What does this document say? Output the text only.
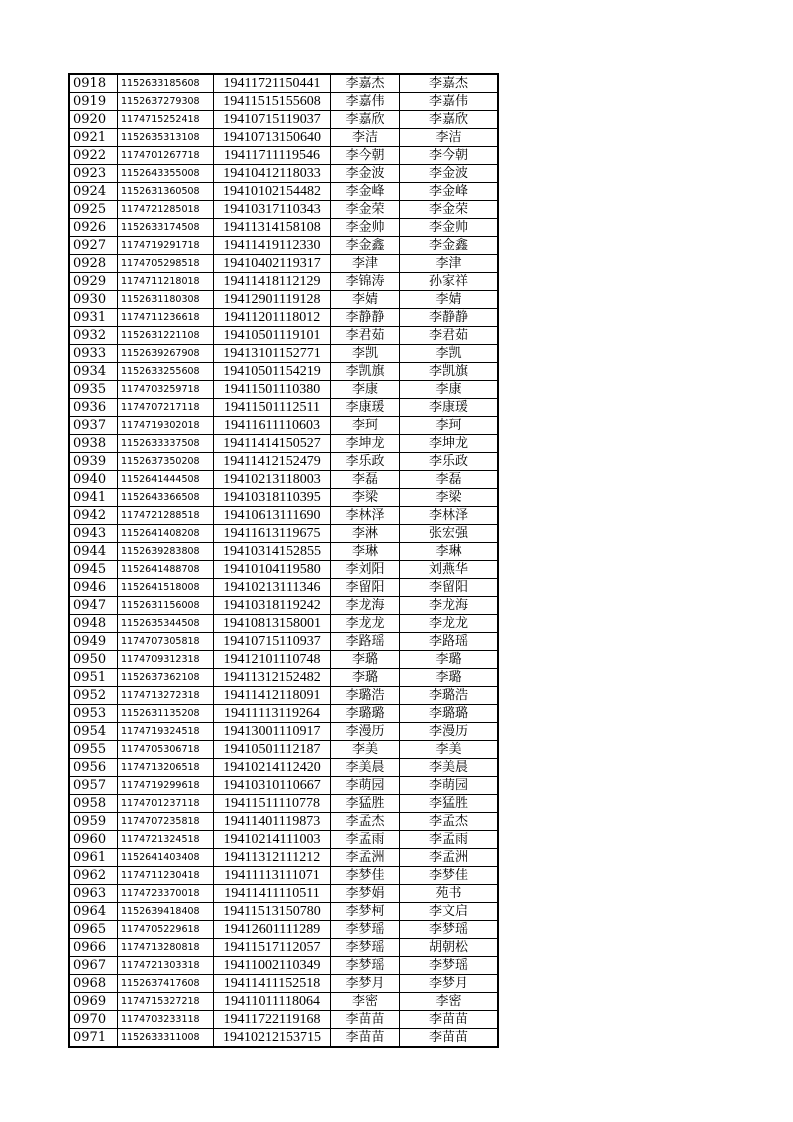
0918	1152633185608	19411721150441	李嘉杰	李嘉杰
0919	1152637279308	19411515155608	李嘉伟	李嘉伟
0920	1174715252418	19410715119037	李嘉欣	李嘉欣
0921	1152635313108	19410713150640	李洁	李洁
0922	1174701267718	19411711119546	李今朝	李今朝
0923	1152643355008	19410412118033	李金波	李金波
0924	1152631360508	19410102154482	李金峰	李金峰
0925	1174721285018	19410317110343	李金荣	李金荣
0926	1152633174508	19411314158108	李金帅	李金帅
0927	1174719291718	19411419112330	李金鑫	李金鑫
0928	1174705298518	19410402119317	李津	李津
0929	1174711218018	19411418112129	李锦涛	孙家祥
0930	1152631180308	19412901119128	李婧	李婧
0931	1174711236618	19411201118012	李静静	李静静
0932	1152631221108	19410501119101	李君茹	李君茹
0933	1152639267908	19413101152771	李凯	李凯
0934	1152633255608	19410501154219	李凯旗	李凯旗
0935	1174703259718	19411501110380	李康	李康
0936	1174707217118	19411501112511	李康瑗	李康瑗
0937	1174719302018	19411611110603	李珂	李珂
0938	1152633337508	19411414150527	李坤龙	李坤龙
0939	1152637350208	19411412152479	李乐政	李乐政
0940	1152641444508	19410213118003	李磊	李磊
0941	1152643366508	19410318110395	李梁	李梁
0942	1174721288518	19410613111690	李林泽	李林泽
0943	1152641408208	19411613119675	李淋	张宏强
0944	1152639283808	19410314152855	李琳	李琳
0945	1152641488708	19410104119580	李刘阳	刘燕华
0946	1152641518008	19410213111346	李留阳	李留阳
0947	1152631156008	19410318119242	李龙海	李龙海
0948	1152635344508	19410813158001	李龙龙	李龙龙
0949	1174707305818	19410715110937	李路瑶	李路瑶
0950	1174709312318	19412101110748	李璐	李璐
0951	1152637362108	19411312152482	李璐	李璐
0952	1174713272318	19411412118091	李璐浩	李璐浩
0953	1152631135208	19411113119264	李璐璐	李璐璐
0954	1174719324518	19413001110917	李漫历	李漫历
0955	1174705306718	19410501112187	李美	李美
0956	1174713206518	19410214112420	李美晨	李美晨
0957	1174719299618	19410310110667	李萌园	李萌园
0958	1174701237118	19411511110778	李猛胜	李猛胜
0959	1174707235818	19411401119873	李孟杰	李孟杰
0960	1174721324518	19410214111003	李孟雨	李孟雨
0961	1152641403408	19411312111212	李孟洲	李孟洲
0962	1174711230418	19411113111071	李梦佳	李梦佳
0963	1174723370018	19411411110511	李梦娟	苑书
0964	1152639418408	19411513150780	李梦柯	李文启
0965	1174705229618	19412601111289	李梦瑶	李梦瑶
0966	1174713280818	19411517112057	李梦瑶	胡朝松
0967	1174721303318	19411002110349	李梦瑶	李梦瑶
0968	1152637417608	19411411152518	李梦月	李梦月
0969	1174715327218	19411011118064	李密	李密
0970	1174703233118	19411722119168	李苗苗	李苗苗
0971	1152633311008	19410212153715	李苗苗	李苗苗
